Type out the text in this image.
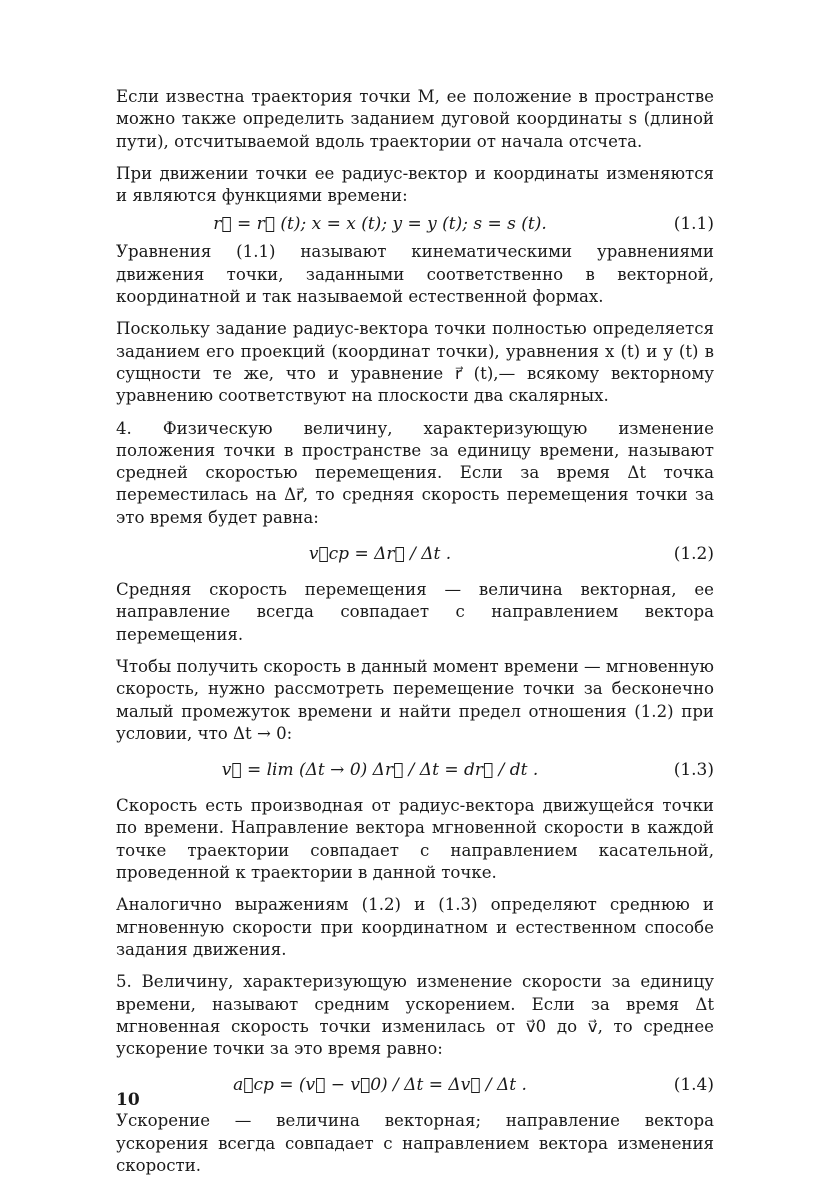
Если известна траектория точки M, ее положение в пространстве можно также определить заданием дуговой координаты s (длиной пути), отсчитываемой вдоль траектории от начала отсчета.

При движении точки ее радиус-вектор и координаты изменяются и являются функциями времени:

r⃗ = r⃗ (t); x = x (t); y = y (t); s = s (t).	(1.1)

Уравнения (1.1) называют кинематическими уравнениями движения точки, заданными соответственно в векторной, координатной и так называемой естественной формах.

Поскольку задание радиус-вектора точки полностью определяется заданием его проекций (координат точки), уравнения x (t) и y (t) в сущности те же, что и уравнение r⃗ (t),— всякому векторному уравнению соответствуют на плоскости два скалярных.

4. Физическую величину, характеризующую изменение положения точки в пространстве за единицу времени, называют средней скоростью перемещения. Если за время Δt точка переместилась на Δr⃗, то средняя скорость перемещения точки за это время будет равна:

v⃗ср = Δr⃗ / Δt .	(1.2)

Средняя скорость перемещения — величина векторная, ее направление всегда совпадает с направлением вектора перемещения.

Чтобы получить скорость в данный момент времени — мгновенную скорость, нужно рассмотреть перемещение точки за бесконечно малый промежуток времени и найти предел отношения (1.2) при условии, что Δt → 0:

v⃗ = lim (Δt → 0) Δr⃗ / Δt = dr⃗ / dt .	(1.3)

Скорость есть производная от радиус-вектора движущейся точки по времени. Направление вектора мгновенной скорости в каждой точке траектории совпадает с направлением касательной, проведенной к траектории в данной точке.

Аналогично выражениям (1.2) и (1.3) определяют среднюю и мгновенную скорости при координатном и естественном способе задания движения.

5. Величину, характеризующую изменение скорости за единицу времени, называют средним ускорением. Если за время Δt мгновенная скорость точки изменилась от v⃗0 до v⃗, то среднее ускорение точки за это время равно:

a⃗ср = (v⃗ − v⃗0) / Δt = Δv⃗ / Δt .	(1.4)

Ускорение — величина векторная; направление вектора ускорения всегда совпадает с направлением вектора изменения скорости.

10
